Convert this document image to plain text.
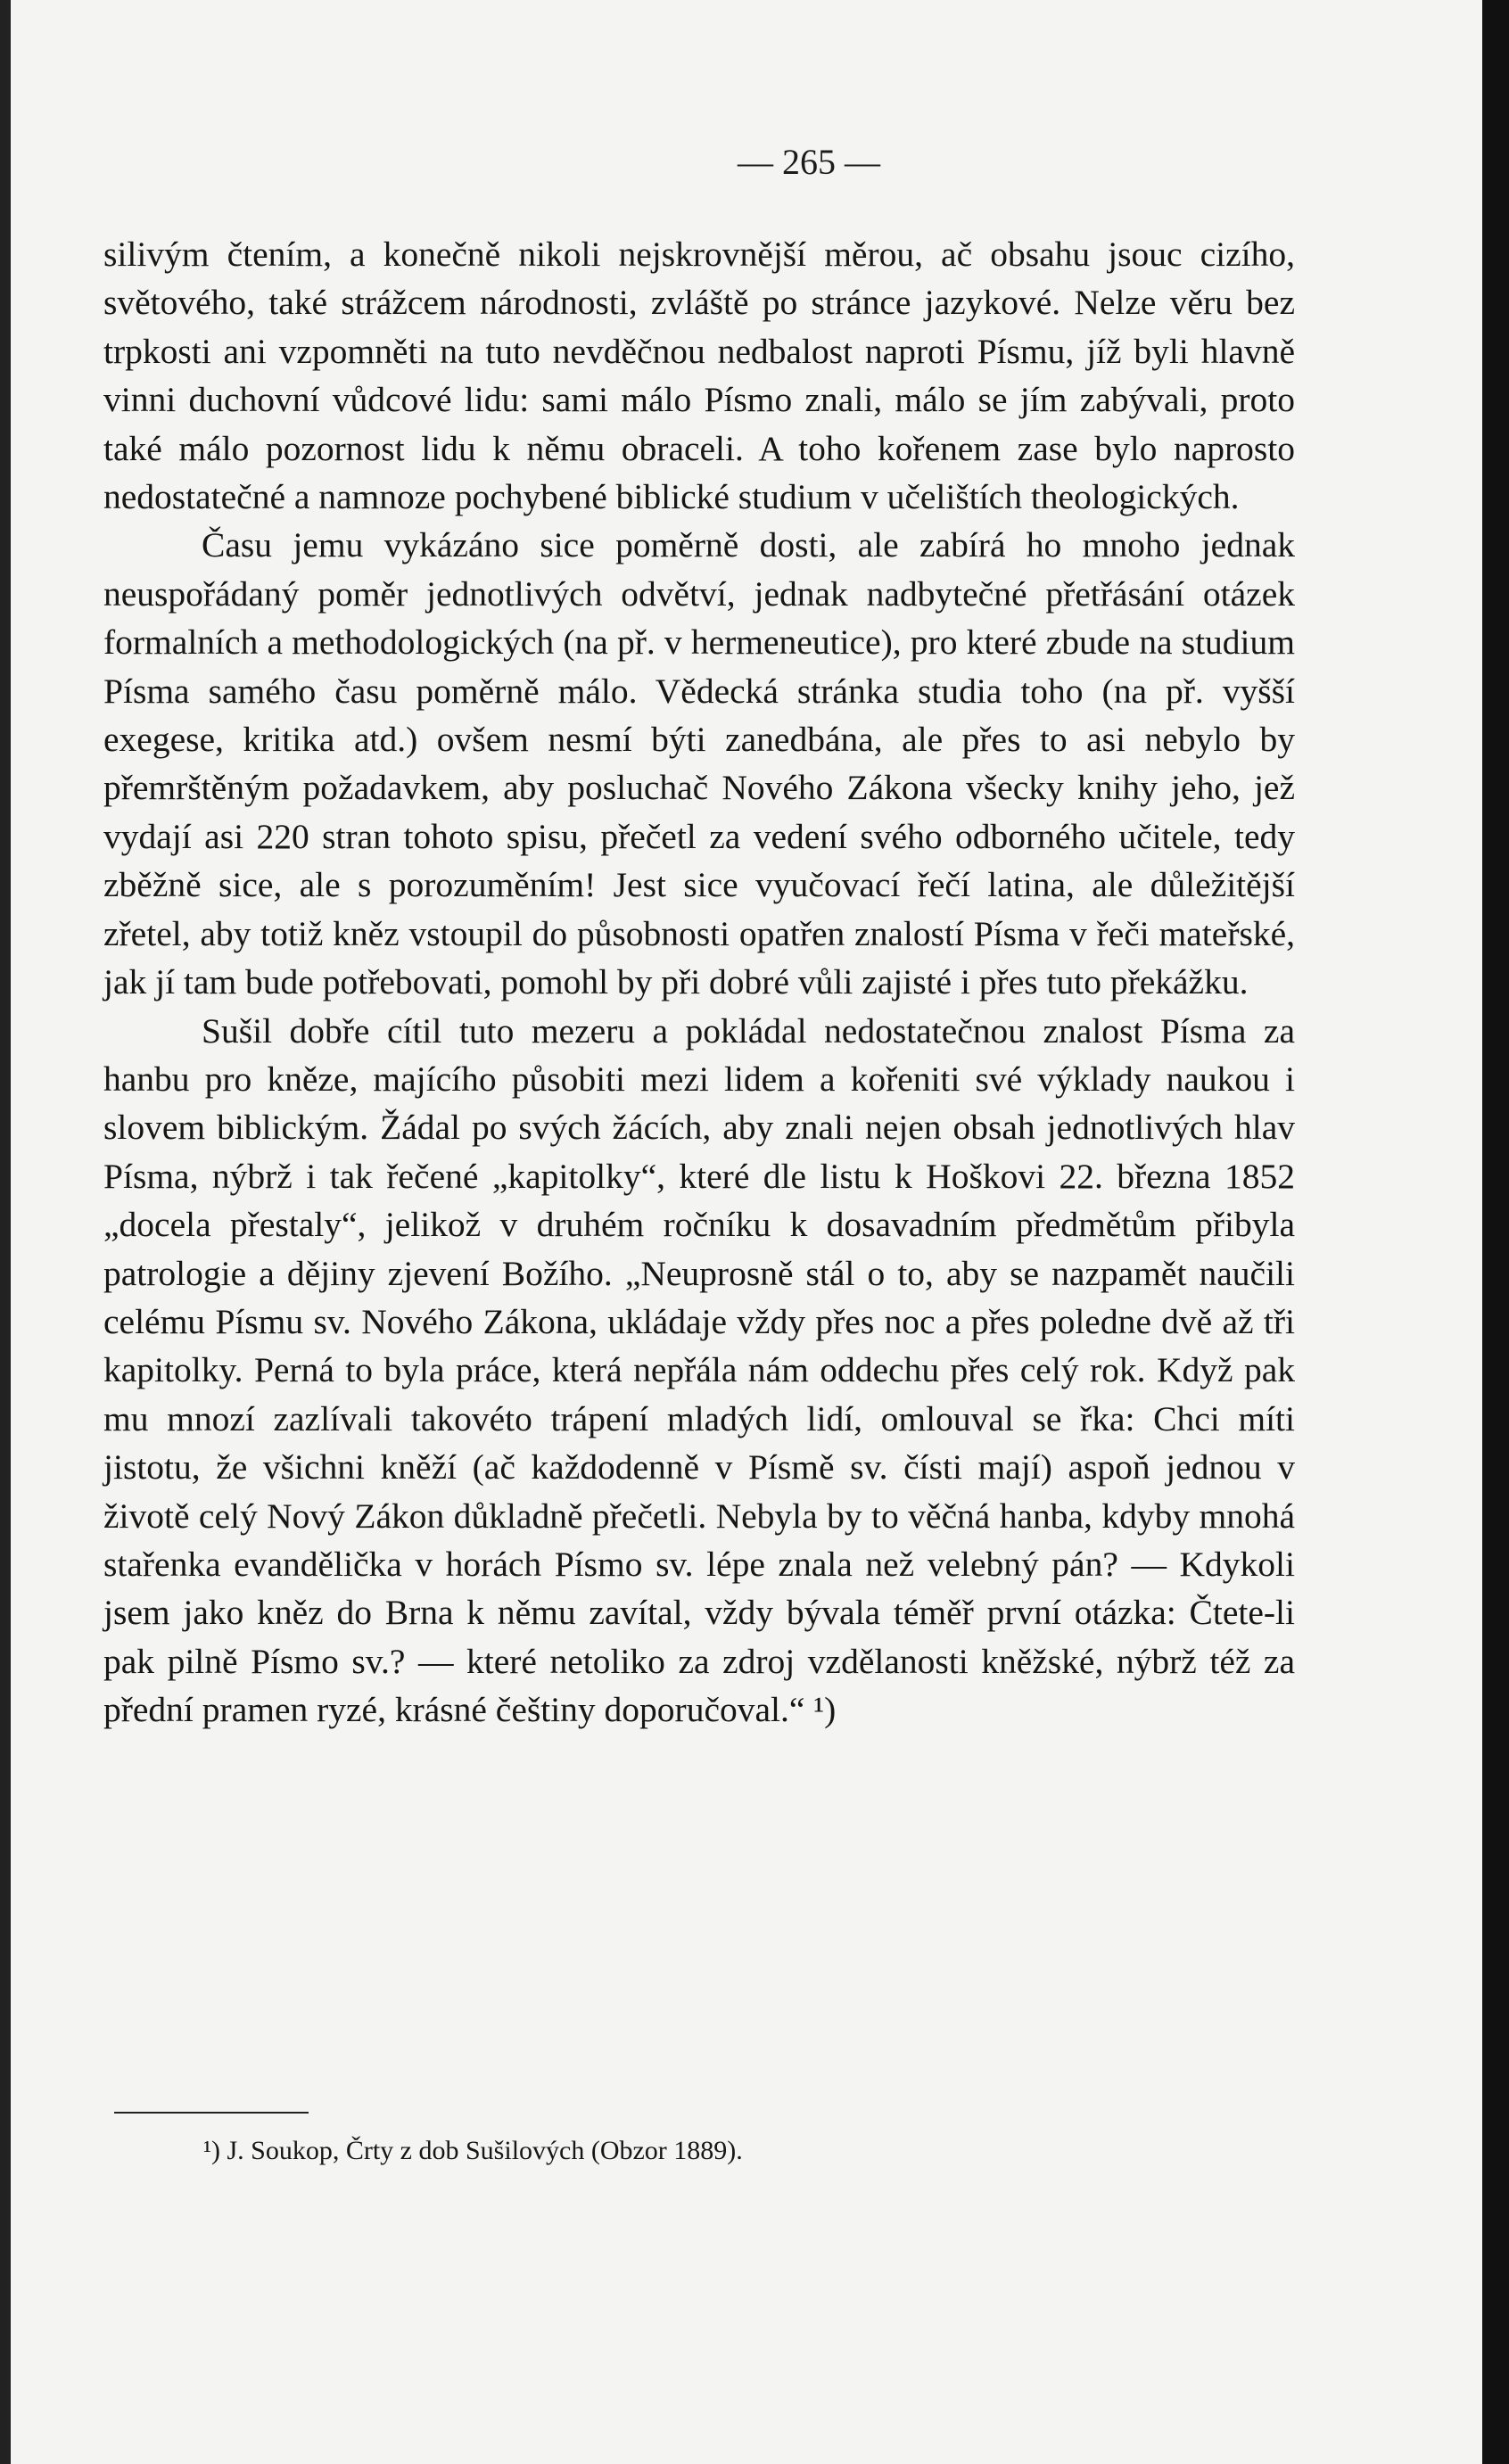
— 265 —

silivým čtením, a konečně nikoli nejskrovnější měrou, ač obsahu jsouc cizího, světového, také strážcem národnosti, zvláště po stránce jazykové. Nelze věru bez trpkosti ani vzpomněti na tuto nevděčnou nedbalost naproti Písmu, jíž byli hlavně vinni duchovní vůdcové lidu: sami málo Písmo znali, málo se jím zabývali, proto také málo pozornost lidu k němu obraceli. A toho kořenem zase bylo naprosto nedostatečné a namnoze pochybené biblické studium v učelištích theologických.

Času jemu vykázáno sice poměrně dosti, ale zabírá ho mnoho jednak neuspořádaný poměr jednotlivých odvětví, jednak nadbytečné přetřásání otázek formalních a methodologických (na př. v hermeneutice), pro které zbude na studium Písma samého času poměrně málo. Vědecká stránka studia toho (na př. vyšší exegese, kritika atd.) ovšem nesmí býti zanedbána, ale přes to asi nebylo by přemrštěným požadavkem, aby posluchač Nového Zákona všecky knihy jeho, jež vydají asi 220 stran tohoto spisu, přečetl za vedení svého odborného učitele, tedy zběžně sice, ale s porozuměním! Jest sice vyučovací řečí latina, ale důležitější zřetel, aby totiž kněz vstoupil do působnosti opatřen znalostí Písma v řeči mateřské, jak jí tam bude potřebovati, pomohl by při dobré vůli zajisté i přes tuto překážku.

Sušil dobře cítil tuto mezeru a pokládal nedostatečnou znalost Písma za hanbu pro kněze, majícího působiti mezi lidem a kořeniti své výklady naukou i slovem biblickým. Žádal po svých žácích, aby znali nejen obsah jednotlivých hlav Písma, nýbrž i tak řečené „kapitolky“, které dle listu k Hoškovi 22. března 1852 „docela přestaly“, jelikož v druhém ročníku k dosavadním předmětům přibyla patrologie a dějiny zjevení Božího. „Neuprosně stál o to, aby se nazpamět naučili celému Písmu sv. Nového Zákona, ukládaje vždy přes noc a přes poledne dvě až tři kapitolky. Perná to byla práce, která nepřála nám oddechu přes celý rok. Když pak mu mnozí zazlívali takovéto trápení mladých lidí, omlouval se řka: Chci míti jistotu, že všichni kněží (ač každodenně v Písmě sv. čísti mají) aspoň jednou v životě celý Nový Zákon důkladně přečetli. Nebyla by to věčná hanba, kdyby mnohá stařenka evandělička v horách Písmo sv. lépe znala než velebný pán? — Kdykoli jsem jako kněz do Brna k němu zavítal, vždy bývala téměř první otázka: Čtete-li pak pilně Písmo sv.? — které netoliko za zdroj vzdělanosti kněžské, nýbrž též za přední pramen ryzé, krásné češtiny doporučoval.“ ¹)

¹) J. Soukop, Črty z dob Sušilových (Obzor 1889).
